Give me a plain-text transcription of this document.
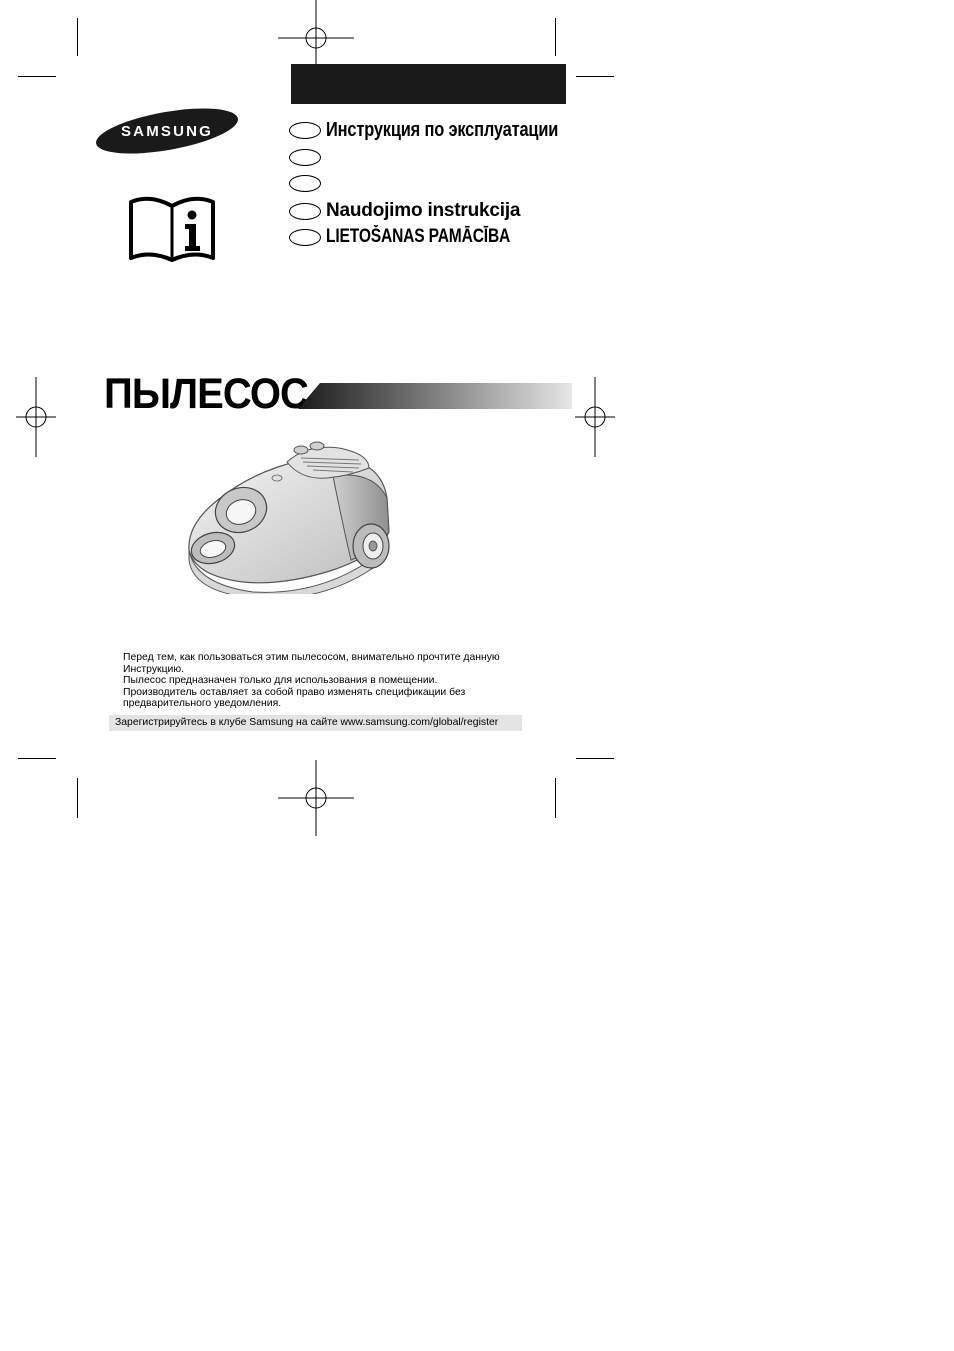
SAMSUNG	Инструкция по эксплуатации
Naudojimo instrukcija
LIETOŠANAS PAMĀCĪBA
ПЫЛЕСОС

Перед тем, как пользоваться этим пылесосом, внимательно прочтите данную Инструкцию.

Пылесос предназначен только для использования в помещении.

Производитель оставляет за собой право изменять спецификации без предварительного уведомления.

Зарегистрируйтесь в клубе Samsung на сайте www.samsung.com/global/register
